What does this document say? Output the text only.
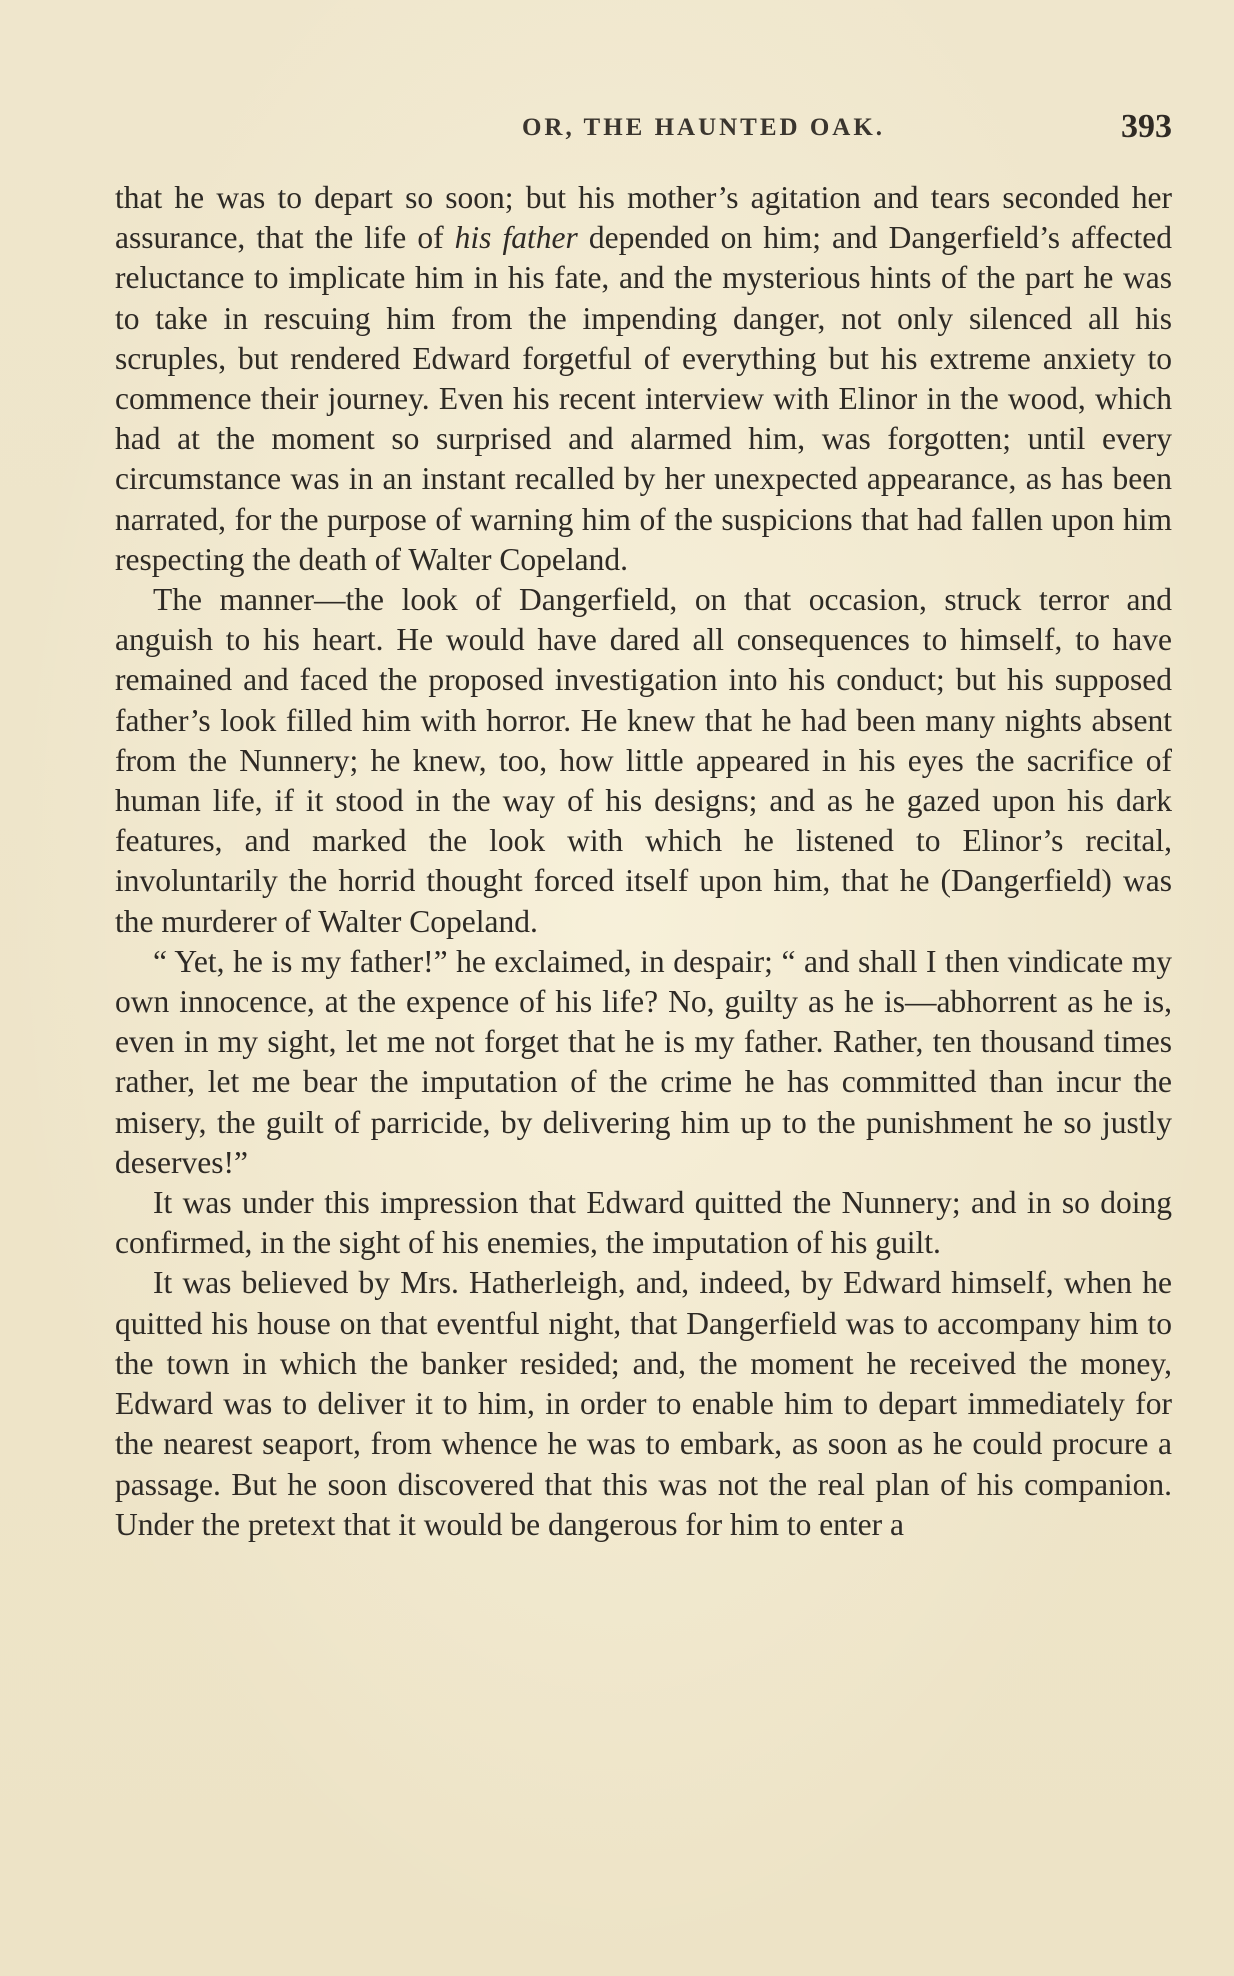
OR, THE HAUNTED OAK.	393

that he was to depart so soon; but his mother’s agitation and tears seconded her assurance, that the life of his father depended on him; and Dangerfield’s affected reluctance to implicate him in his fate, and the mysterious hints of the part he was to take in rescuing him from the impending danger, not only silenced all his scruples, but rendered Edward forgetful of everything but his extreme anxiety to commence their journey. Even his recent interview with Elinor in the wood, which had at the moment so surprised and alarmed him, was forgotten; until every circumstance was in an instant recalled by her unexpected appearance, as has been narrated, for the purpose of warning him of the suspicions that had fallen upon him respecting the death of Walter Copeland.

The manner—the look of Dangerfield, on that occasion, struck terror and anguish to his heart. He would have dared all consequences to himself, to have remained and faced the proposed investigation into his conduct; but his supposed father’s look filled him with horror. He knew that he had been many nights absent from the Nunnery; he knew, too, how little appeared in his eyes the sacrifice of human life, if it stood in the way of his designs; and as he gazed upon his dark features, and marked the look with which he listened to Elinor’s recital, involuntarily the horrid thought forced itself upon him, that he (Dangerfield) was the murderer of Walter Copeland.

“ Yet, he is my father!” he exclaimed, in despair; “ and shall I then vindicate my own innocence, at the expence of his life? No, guilty as he is—abhorrent as he is, even in my sight, let me not forget that he is my father. Rather, ten thousand times rather, let me bear the imputation of the crime he has committed than incur the misery, the guilt of parricide, by delivering him up to the punishment he so justly deserves!”

It was under this impression that Edward quitted the Nunnery; and in so doing confirmed, in the sight of his enemies, the imputation of his guilt.

It was believed by Mrs. Hatherleigh, and, indeed, by Edward himself, when he quitted his house on that eventful night, that Dangerfield was to accompany him to the town in which the banker resided; and, the moment he received the money, Edward was to deliver it to him, in order to enable him to depart immediately for the nearest seaport, from whence he was to embark, as soon as he could procure a passage. But he soon discovered that this was not the real plan of his companion. Under the pretext that it would be dangerous for him to enter a
